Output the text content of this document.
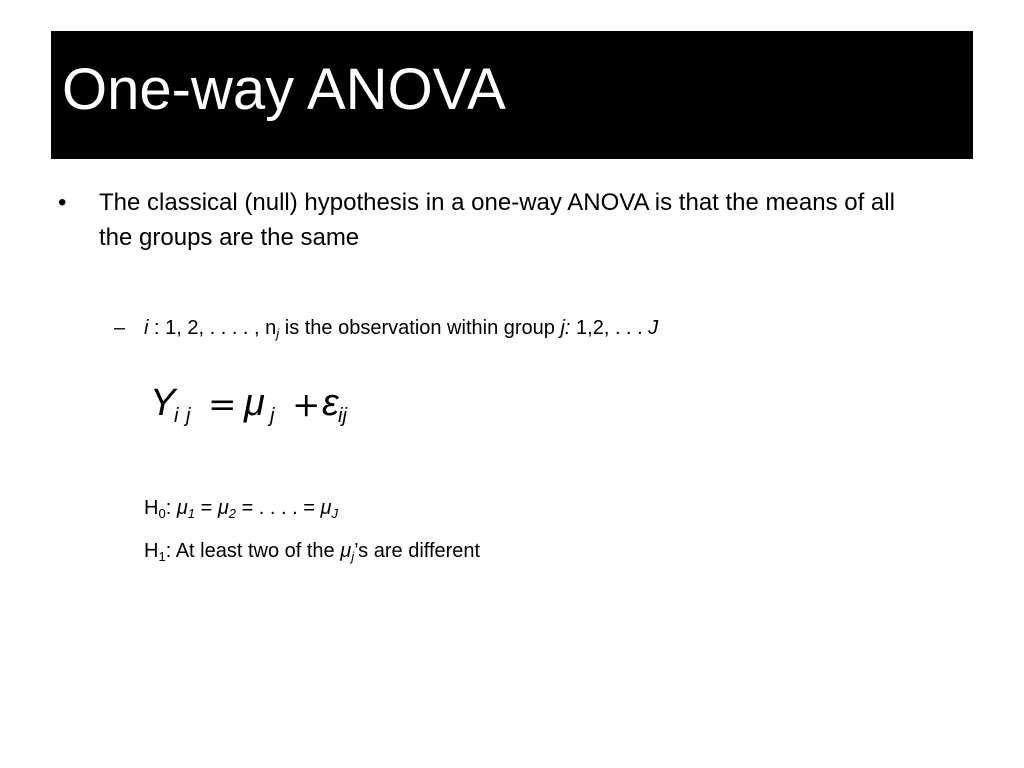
One-way ANOVA
• The classical (null) hypothesis in a one-way ANOVA is that the means of all the groups are the same
– i : 1, 2, . . . . , $n_j$ is the observation within group j: 1,2, . . . J
Y
i j = μ j + ε ij
$H_0$: $\mu_1 = \mu_2$ = . . . . = $\mu_J$
$H_1$: At least two of the $\mu_j’s$ are different
